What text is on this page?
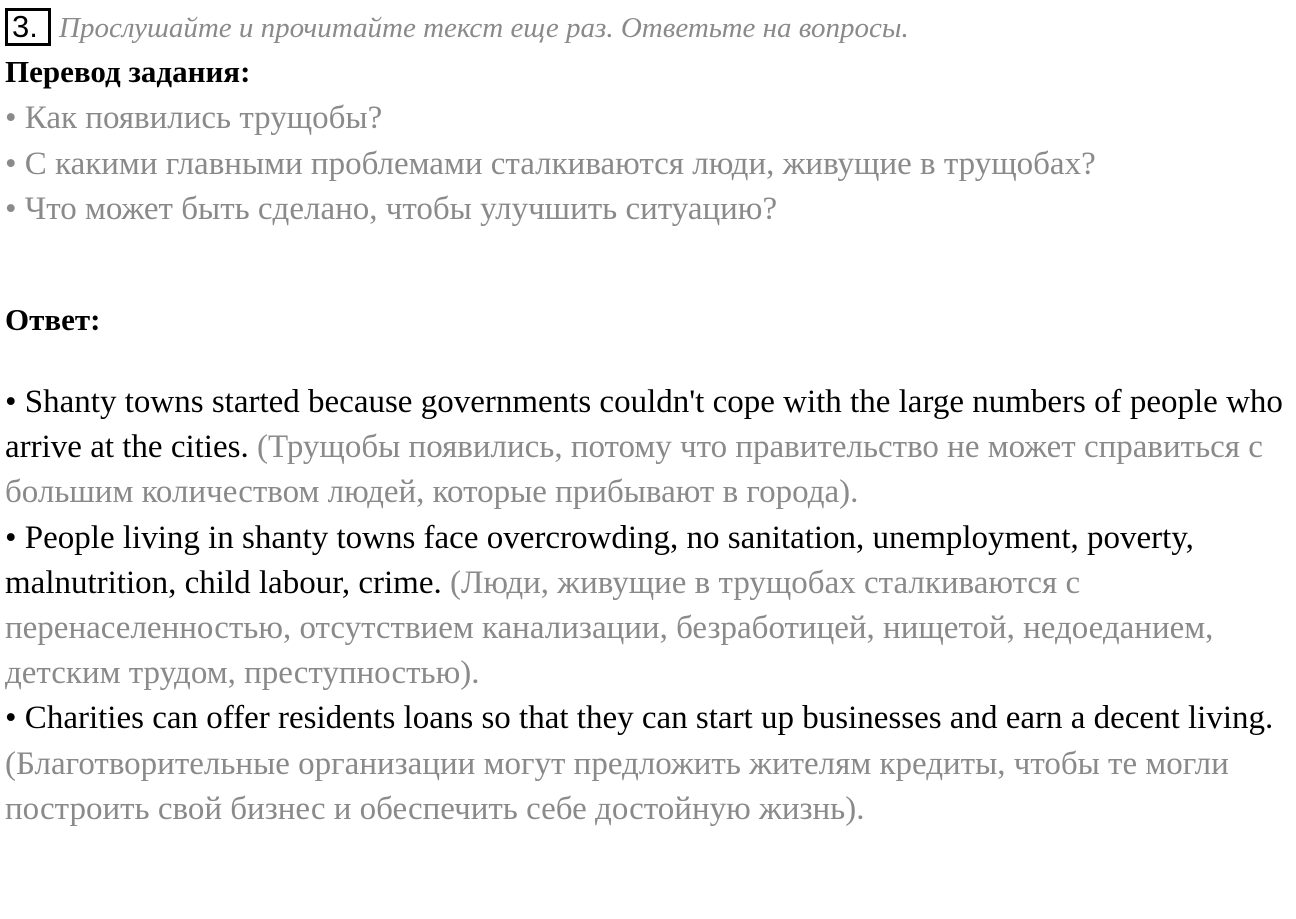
3. Прослушайте и прочитайте текст еще раз. Ответьте на вопросы.
Перевод задания:
• Как появились трущобы?
• С какими главными проблемами сталкиваются люди, живущие в трущобах?
• Что может быть сделано, чтобы улучшить ситуацию?
Ответ:
• Shanty towns started because governments couldn't cope with the large numbers of people who arrive at the cities. (Трущобы появились, потому что правительство не может справиться с большим количеством людей, которые прибывают в города).
• People living in shanty towns face overcrowding, no sanitation, unemployment, poverty, malnutrition, child labour, crime. (Люди, живущие в трущобах сталкиваются с перенаселенностью, отсутствием канализации, безработицей, нищетой, недоеданием, детским трудом, преступностью).
• Charities can offer residents loans so that they can start up businesses and earn a decent living. (Благотворительные организации могут предложить жителям кредиты, чтобы те могли построить свой бизнес и обеспечить себе достойную жизнь).
